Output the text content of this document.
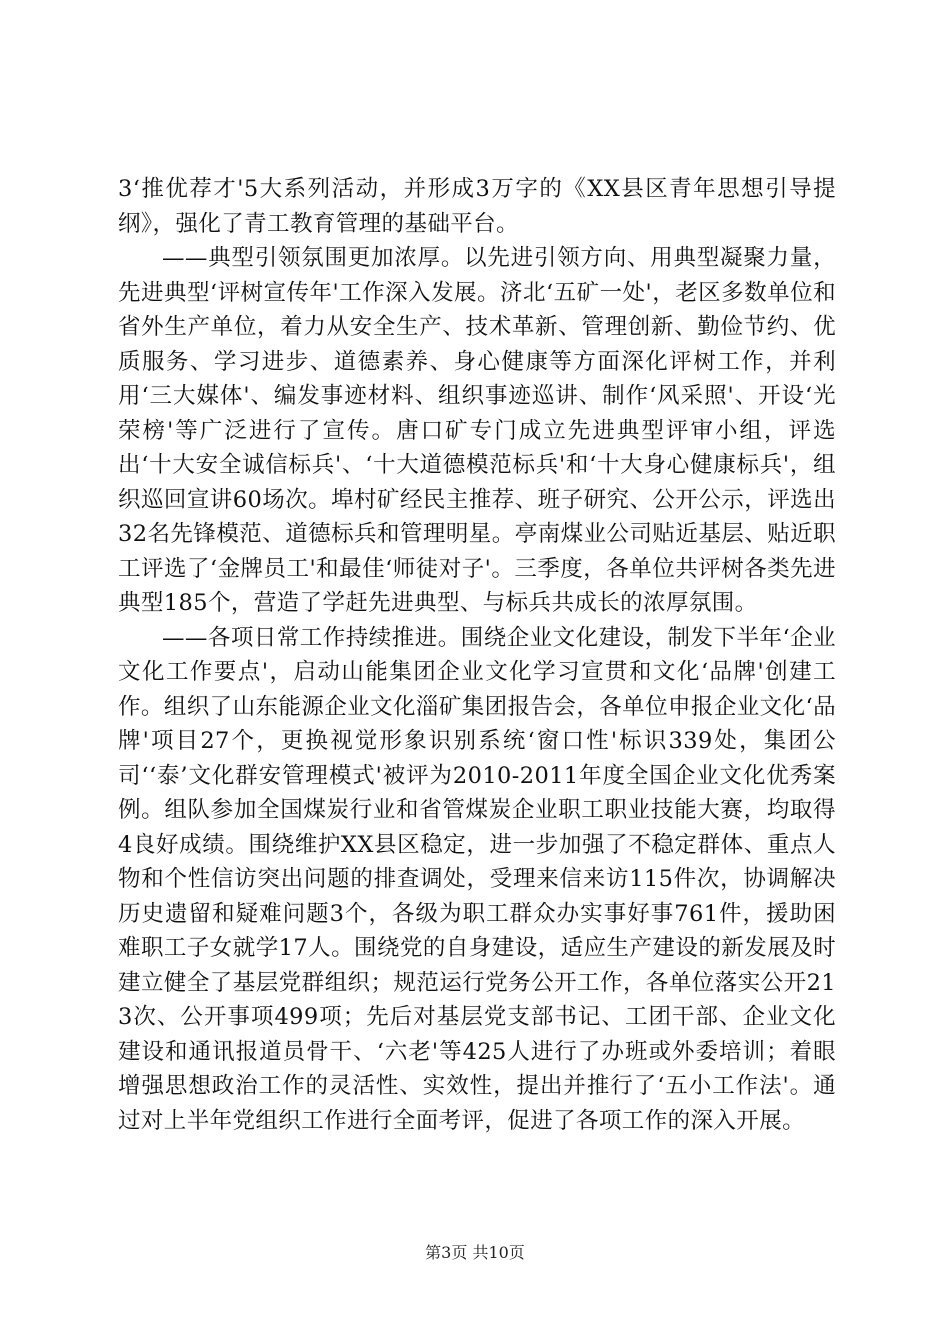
3‘推优荐才'5大系列活动，并形成3万字的《XX县区青年思想引导提纲》，强化了青工教育管理的基础平台。

——典型引领氛围更加浓厚。以先进引领方向、用典型凝聚力量，先进典型‘评树宣传年'工作深入发展。济北‘五矿一处'，老区多数单位和省外生产单位，着力从安全生产、技术革新、管理创新、勤俭节约、优质服务、学习进步、道德素养、身心健康等方面深化评树工作，并利用‘三大媒体'、编发事迹材料、组织事迹巡讲、制作‘风采照'、开设‘光荣榜'等广泛进行了宣传。唐口矿专门成立先进典型评审小组，评选出‘十大安全诚信标兵'、‘十大道德模范标兵'和‘十大身心健康标兵'，组织巡回宣讲60场次。埠村矿经民主推荐、班子研究、公开公示，评选出32名先锋模范、道德标兵和管理明星。亭南煤业公司贴近基层、贴近职工评选了‘金牌员工'和最佳‘师徒对子'。三季度，各单位共评树各类先进典型185个，营造了学赶先进典型、与标兵共成长的浓厚氛围。

——各项日常工作持续推进。围绕企业文化建设，制发下半年‘企业文化工作要点'，启动山能集团企业文化学习宣贯和文化‘品牌'创建工作。组织了山东能源企业文化淄矿集团报告会，各单位申报企业文化‘品牌'项目27个，更换视觉形象识别系统‘窗口性'标识339处，集团公司‘‘泰’文化群安管理模式'被评为2010-2011年度全国企业文化优秀案例。组队参加全国煤炭行业和省管煤炭企业职工职业技能大赛，均取得4良好成绩。围绕维护XX县区稳定，进一步加强了不稳定群体、重点人物和个性信访突出问题的排查调处，受理来信来访115件次，协调解决历史遗留和疑难问题3个，各级为职工群众办实事好事761件，援助困难职工子女就学17人。围绕党的自身建设，适应生产建设的新发展及时建立健全了基层党群组织；规范运行党务公开工作，各单位落实公开213次、公开事项499项；先后对基层党支部书记、工团干部、企业文化建设和通讯报道员骨干、‘六老'等425人进行了办班或外委培训；着眼增强思想政治工作的灵活性、实效性，提出并推行了‘五小工作法'。通过对上半年党组织工作进行全面考评，促进了各项工作的深入开展。

第3页 共10页
